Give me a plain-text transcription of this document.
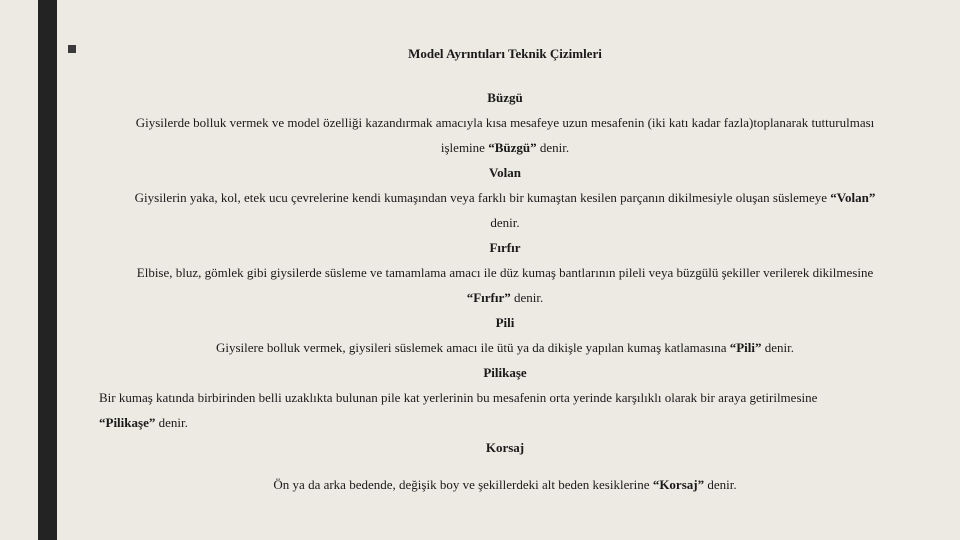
Model Ayrıntıları Teknik Çizimleri

Büzgü

Giysilerde bolluk vermek ve model özelliği kazandırmak amacıyla kısa mesafeye uzun mesafenin (iki katı kadar fazla)toplanarak tutturulması

işlemine “Büzgü” denir.

Volan

Giysilerin yaka, kol, etek ucu çevrelerine kendi kumaşından veya farklı bir kumaştan kesilen parçanın dikilmesiyle oluşan süslemeye “Volan”

denir.

Fırfır

Elbise, bluz, gömlek gibi giysilerde süsleme ve tamamlama amacı ile düz kumaş bantlarının pileli veya büzgülü şekiller verilerek dikilmesine

“Fırfır” denir.

Pili

Giysilere bolluk vermek, giysileri süslemek amacı ile ütü ya da dikişle yapılan kumaş katlamasına “Pili” denir.

Pilikaşe

Bir kumaş katında birbirinden belli uzaklıkta bulunan pile kat yerlerinin bu mesafenin orta yerinde karşılıklı olarak bir araya getirilmesine

“Pilikaşe” denir.

Korsaj

Ön ya da arka bedende, değişik boy ve şekillerdeki alt beden kesiklerine “Korsaj” denir.
